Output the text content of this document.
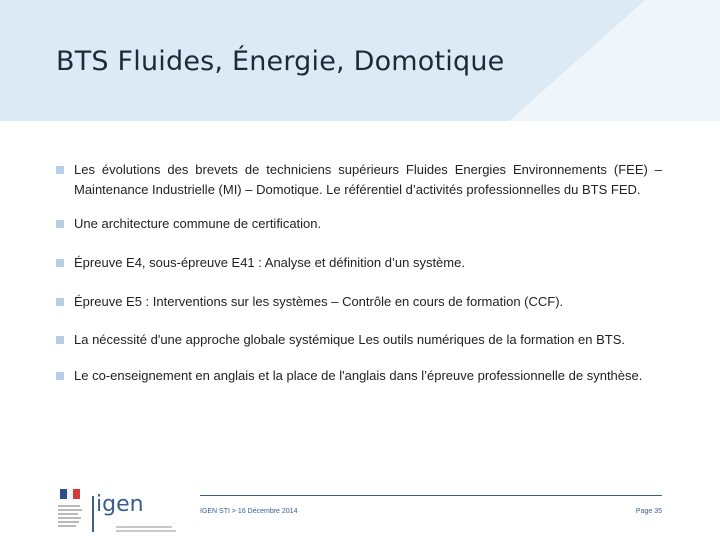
BTS Fluides, Énergie, Domotique
Les évolutions des brevets de techniciens supérieurs Fluides Energies Environnements (FEE) – Maintenance Industrielle (MI) – Domotique. Le référentiel d’activités professionnelles du BTS FED.
Une architecture commune de certification.
Épreuve E4, sous-épreuve E41 : Analyse et définition d’un système.
Épreuve E5 : Interventions sur les systèmes – Contrôle en cours de formation (CCF).
La nécessité d'une approche globale systémique Les outils numériques de la formation en BTS.
Le co-enseignement en anglais et la place de l'anglais dans l’épreuve professionnelle de synthèse.
igen	IGEN STI > 16 Décembre 2014	Page 35
